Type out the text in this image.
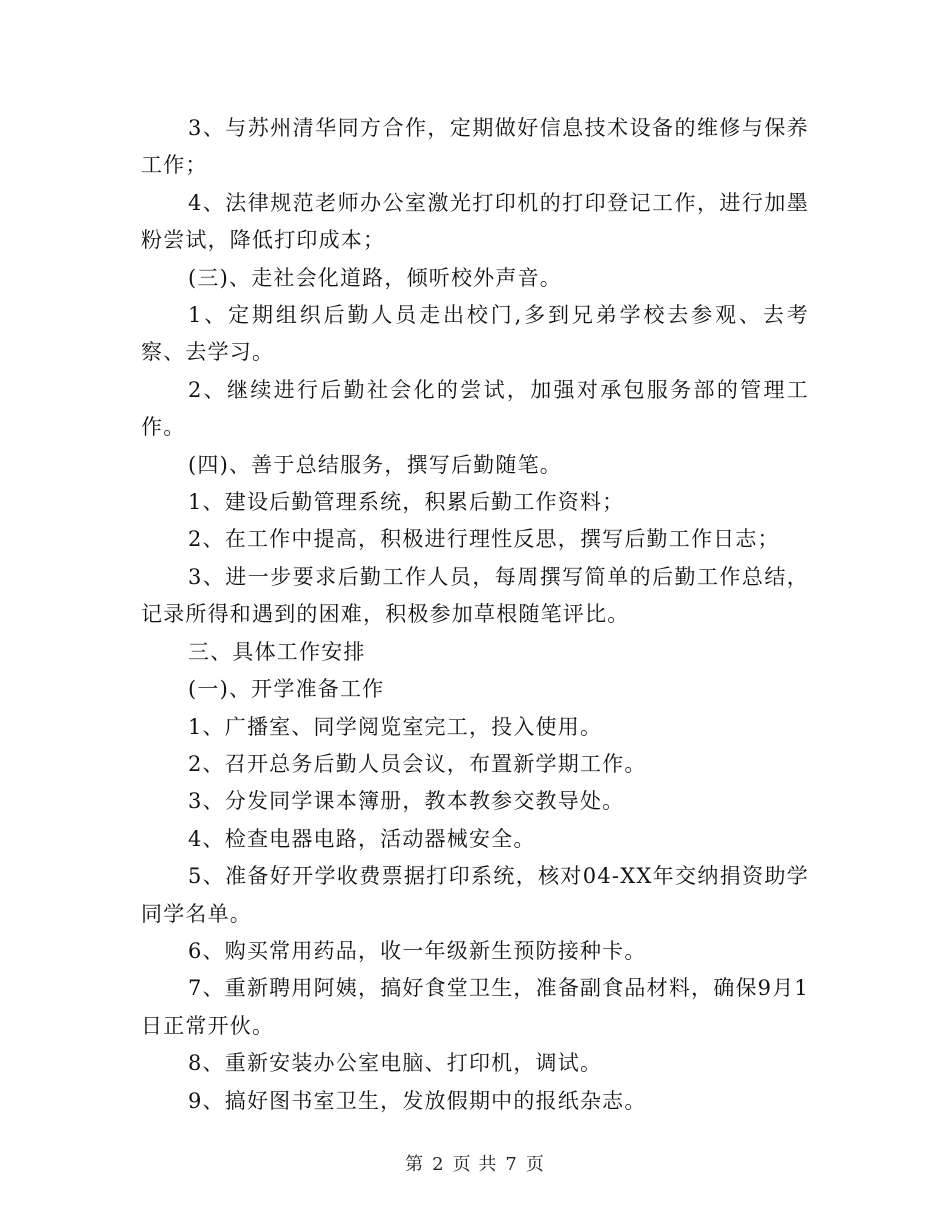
3、与苏州清华同方合作，定期做好信息技术设备的维修与保养工作；

4、法律规范老师办公室激光打印机的打印登记工作，进行加墨粉尝试，降低打印成本；

(三)、走社会化道路，倾听校外声音。

1、定期组织后勤人员走出校门,多到兄弟学校去参观、去考察、去学习。

2、继续进行后勤社会化的尝试，加强对承包服务部的管理工作。

(四)、善于总结服务，撰写后勤随笔。

1、建设后勤管理系统，积累后勤工作资料；

2、在工作中提高，积极进行理性反思，撰写后勤工作日志；

3、进一步要求后勤工作人员，每周撰写简单的后勤工作总结，记录所得和遇到的困难，积极参加草根随笔评比。

三、具体工作安排

(一)、开学准备工作

1、广播室、同学阅览室完工，投入使用。

2、召开总务后勤人员会议，布置新学期工作。

3、分发同学课本簿册，教本教参交教导处。

4、检查电器电路，活动器械安全。

5、准备好开学收费票据打印系统，核对04-XX年交纳捐资助学同学名单。

6、购买常用药品，收一年级新生预防接种卡。

7、重新聘用阿姨，搞好食堂卫生，准备副食品材料，确保9月1日正常开伙。

8、重新安装办公室电脑、打印机，调试。

9、搞好图书室卫生，发放假期中的报纸杂志。

第 2 页 共 7 页
